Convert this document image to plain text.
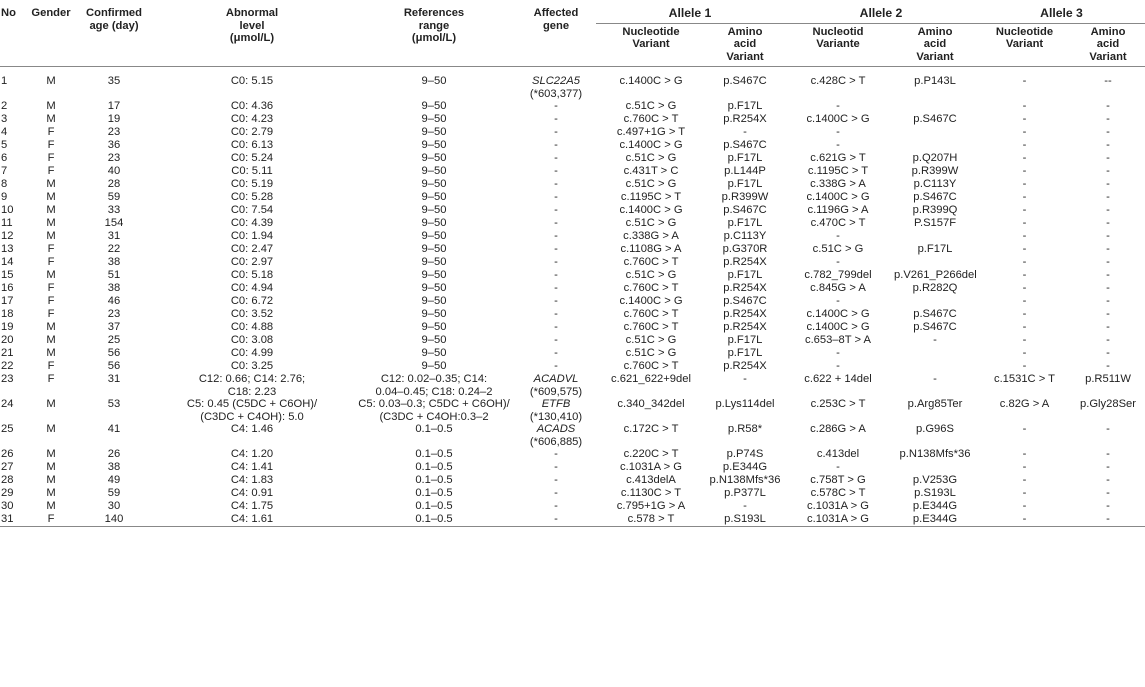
No	Gender	Confirmed age (day)	Abnormal
level
(μmol/L)	References
range
(μmol/L)	Affected
gene	Allele 1		Allele 2		Allele 3	
						Nucleotide
Variant	Amino
acid
Variant	Nucleotid
Variante	Amino
acid
Variant	Nucleotide
Variant	Amino
acid
Variant
1	M	35	C0: 5.15	9–50	SLC22A5
(*603,377)	c.1400C > G	p.S467C	c.428C > T	p.P143L	-	--
2	M	17	C0: 4.36	9–50	-	c.51C > G	p.F17L	-		-	-
3	M	19	C0: 4.23	9–50	-	c.760C > T	p.R254X	c.1400C > G	p.S467C	-	-
4	F	23	C0: 2.79	9–50	-	c.497+1G > T	-	-		-	-
5	F	36	C0: 6.13	9–50	-	c.1400C > G	p.S467C	-		-	-
6	F	23	C0: 5.24	9–50	-	c.51C > G	p.F17L	c.621G > T	p.Q207H	-	-
7	F	40	C0: 5.11	9–50	-	c.431T > C	p.L144P	c.1195C > T	p.R399W	-	-
8	M	28	C0: 5.19	9–50	-	c.51C > G	p.F17L	c.338G > A	p.C113Y	-	-
9	M	59	C0: 5.28	9–50	-	c.1195C > T	p.R399W	c.1400C > G	p.S467C	-	-
10	M	33	C0: 7.54	9–50	-	c.1400C > G	p.S467C	c.1196G > A	p.R399Q	-	-
11	M	154	C0: 4.39	9–50	-	c.51C > G	p.F17L	c.470C > T	P.S157F	-	-
12	M	31	C0: 1.94	9–50	-	c.338G > A	p.C113Y	-		-	-
13	F	22	C0: 2.47	9–50	-	c.1108G > A	p.G370R	c.51C > G	p.F17L	-	-
14	F	38	C0: 2.97	9–50	-	c.760C > T	p.R254X	-		-	-
15	M	51	C0: 5.18	9–50	-	c.51C > G	p.F17L	c.782_799del	p.V261_P266del	-	-
16	F	38	C0: 4.94	9–50	-	c.760C > T	p.R254X	c.845G > A	p.R282Q	-	-
17	F	46	C0: 6.72	9–50	-	c.1400C > G	p.S467C	-		-	-
18	F	23	C0: 3.52	9–50	-	c.760C > T	p.R254X	c.1400C > G	p.S467C	-	-
19	M	37	C0: 4.88	9–50	-	c.760C > T	p.R254X	c.1400C > G	p.S467C	-	-
20	M	25	C0: 3.08	9–50	-	c.51C > G	p.F17L	c.653–8T > A	-	-	-
21	M	56	C0: 4.99	9–50	-	c.51C > G	p.F17L	-		-	-
22	F	56	C0: 3.25	9–50	-	c.760C > T	p.R254X	-		-	-
23	F	31	C12: 0.66; C14: 2.76;
C18: 2.23	C12: 0.02–0.35; C14:
0.04–0.45; C18: 0.24–2	ACADVL
(*609,575)	c.621_622+9del	-	c.622 + 14del	-	c.1531C > T	p.R511W
24	M	53	C5: 0.45 (C5DC + C6OH)/
(C3DC + C4OH): 5.0	C5: 0.03–0.3; C5DC + C6OH)/
(C3DC + C4OH:0.3–2	ETFB
(*130,410)	c.340_342del	p.Lys114del	c.253C > T	p.Arg85Ter	c.82G > A	p.Gly28Ser
25	M	41	C4: 1.46	0.1–0.5	ACADS
(*606,885)	c.172C > T	p.R58*	c.286G > A	p.G96S	-	-
26	M	26	C4: 1.20	0.1–0.5	-	c.220C > T	p.P74S	c.413del	p.N138Mfs*36	-	-
27	M	38	C4: 1.41	0.1–0.5	-	c.1031A > G	p.E344G	-		-	-
28	M	49	C4: 1.83	0.1–0.5	-	c.413delA	p.N138Mfs*36	c.758T > G	p.V253G	-	-
29	M	59	C4: 0.91	0.1–0.5	-	c.1130C > T	p.P377L	c.578C > T	p.S193L	-	-
30	M	30	C4: 1.75	0.1–0.5	-	c.795+1G > A	-	c.1031A > G	p.E344G	-	-
31	F	140	C4: 1.61	0.1–0.5	-	c.578 > T	p.S193L	c.1031A > G	p.E344G	-	-
